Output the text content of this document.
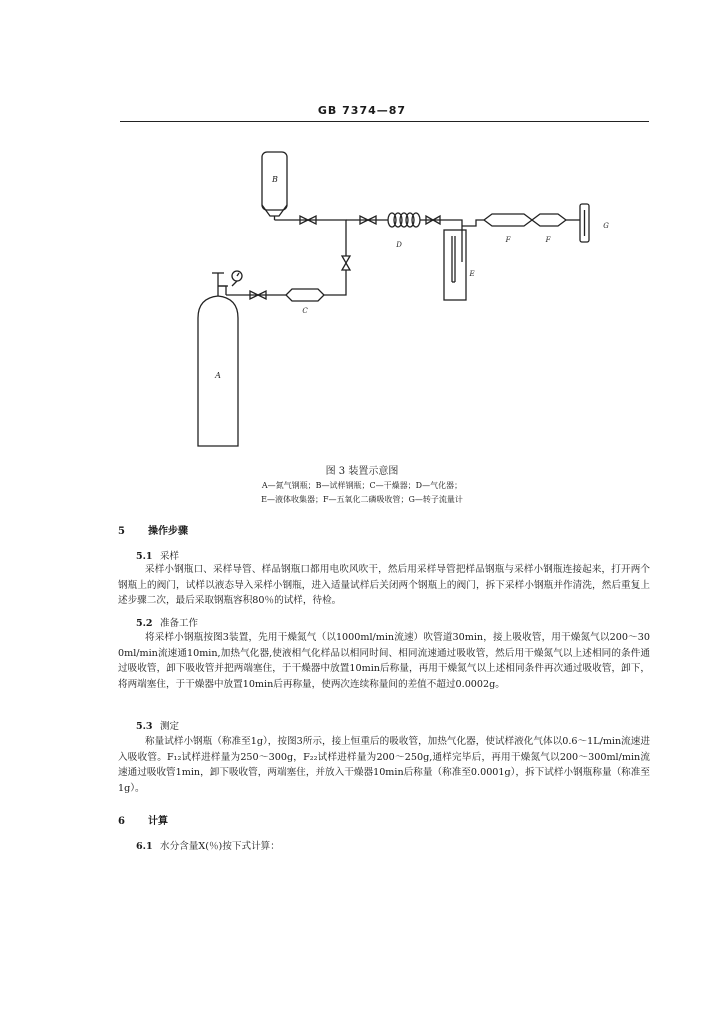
GB 7374—87
B
A
C
D
E
F	F
G
图 3 装置示意图
A—氮气钢瓶；B—试样钢瓶；C—干燥器；D—气化器；
E—液体收集器；F—五氧化二磷吸收管；G—转子流量计
5 操作步骤
5.1 采样
采样小钢瓶口、采样导管、样品钢瓶口都用电吹风吹干，然后用采样导管把样品钢瓶与采样小钢瓶连接起来，打开两个钢瓶上的阀门，试样以液态导入采样小钢瓶，进入适量试样后关闭两个钢瓶上的阀门，拆下采样小钢瓶并作清洗，然后重复上述步骤二次，最后采取钢瓶容积80％的试样，待检。
5.2 准备工作
将采样小钢瓶按图3装置，先用干燥氮气（以1000ml/min流速）吹管道30min，接上吸收管，用干燥氮气以200～300ml/min流速通10min,加热气化器,使液相气化样品以相同时间、相同流速通过吸收管，然后用干燥氮气以上述相同的条件通过吸收管，卸下吸收管并把两端塞住，于干燥器中放置10min后称量，再用干燥氮气以上述相同条件再次通过吸收管，卸下，将两端塞住，于干燥器中放置10min后再称量，使两次连续称量间的差值不超过0.0002g。
5.3 测定
称量试样小钢瓶（称准至1g），按图3所示，接上恒重后的吸收管，加热气化器，使试样液化气体以0.6～1L/min流速进入吸收管。F₁₂试样进样量为250～300g，F₂₂试样进样量为200～250g,通样完毕后，再用干燥氮气以200～300ml/min流速通过吸收管1min，卸下吸收管，两端塞住，并放入干燥器10min后称量（称准至0.0001g），拆下试样小钢瓶称量（称准至1g）。
6 计算
6.1 水分含量X(％)按下式计算：
